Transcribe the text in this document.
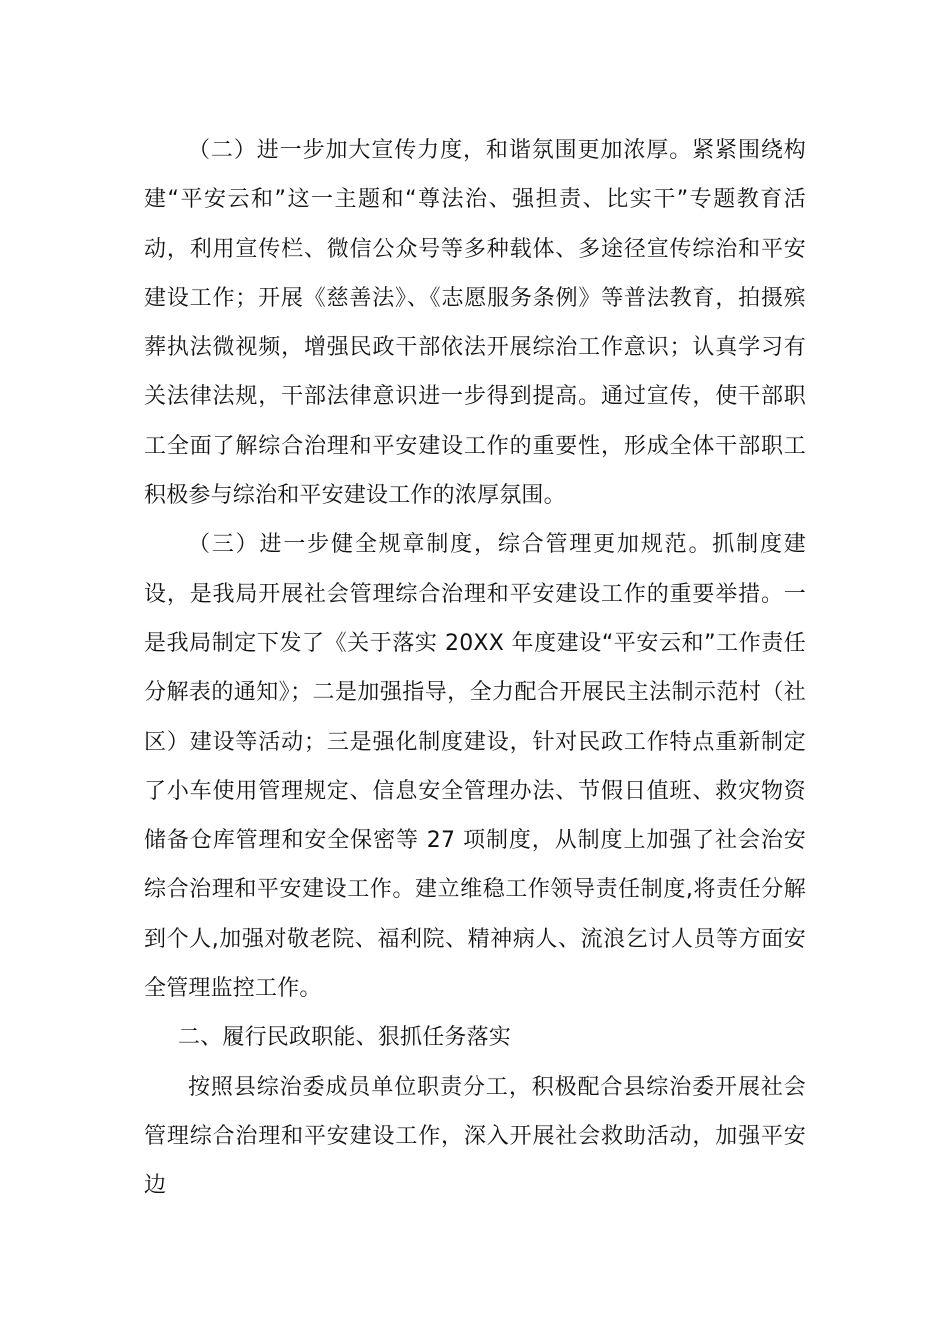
（二）进一步加大宣传力度，和谐氛围更加浓厚。紧紧围绕构建“平安云和”这一主题和“尊法治、强担责、比实干”专题教育活动，利用宣传栏、微信公众号等多种载体、多途径宣传综治和平安建设工作；开展《慈善法》、《志愿服务条例》等普法教育，拍摄殡葬执法微视频，增强民政干部依法开展综治工作意识；认真学习有关法律法规，干部法律意识进一步得到提高。通过宣传，使干部职工全面了解综合治理和平安建设工作的重要性，形成全体干部职工积极参与综治和平安建设工作的浓厚氛围。

（三）进一步健全规章制度，综合管理更加规范。抓制度建设，是我局开展社会管理综合治理和平安建设工作的重要举措。一是我局制定下发了《关于落实 20XX 年度建设“平安云和”工作责任分解表的通知》；二是加强指导，全力配合开展民主法制示范村（社区）建设等活动；三是强化制度建设，针对民政工作特点重新制定了小车使用管理规定、信息安全管理办法、节假日值班、救灾物资储备仓库管理和安全保密等 27 项制度，从制度上加强了社会治安综合治理和平安建设工作。建立维稳工作领导责任制度,将责任分解到个人,加强对敬老院、福利院、精神病人、流浪乞讨人员等方面安全管理监控工作。

二、履行民政职能、狠抓任务落实

按照县综治委成员单位职责分工，积极配合县综治委开展社会管理综合治理和平安建设工作，深入开展社会救助活动，加强平安边
